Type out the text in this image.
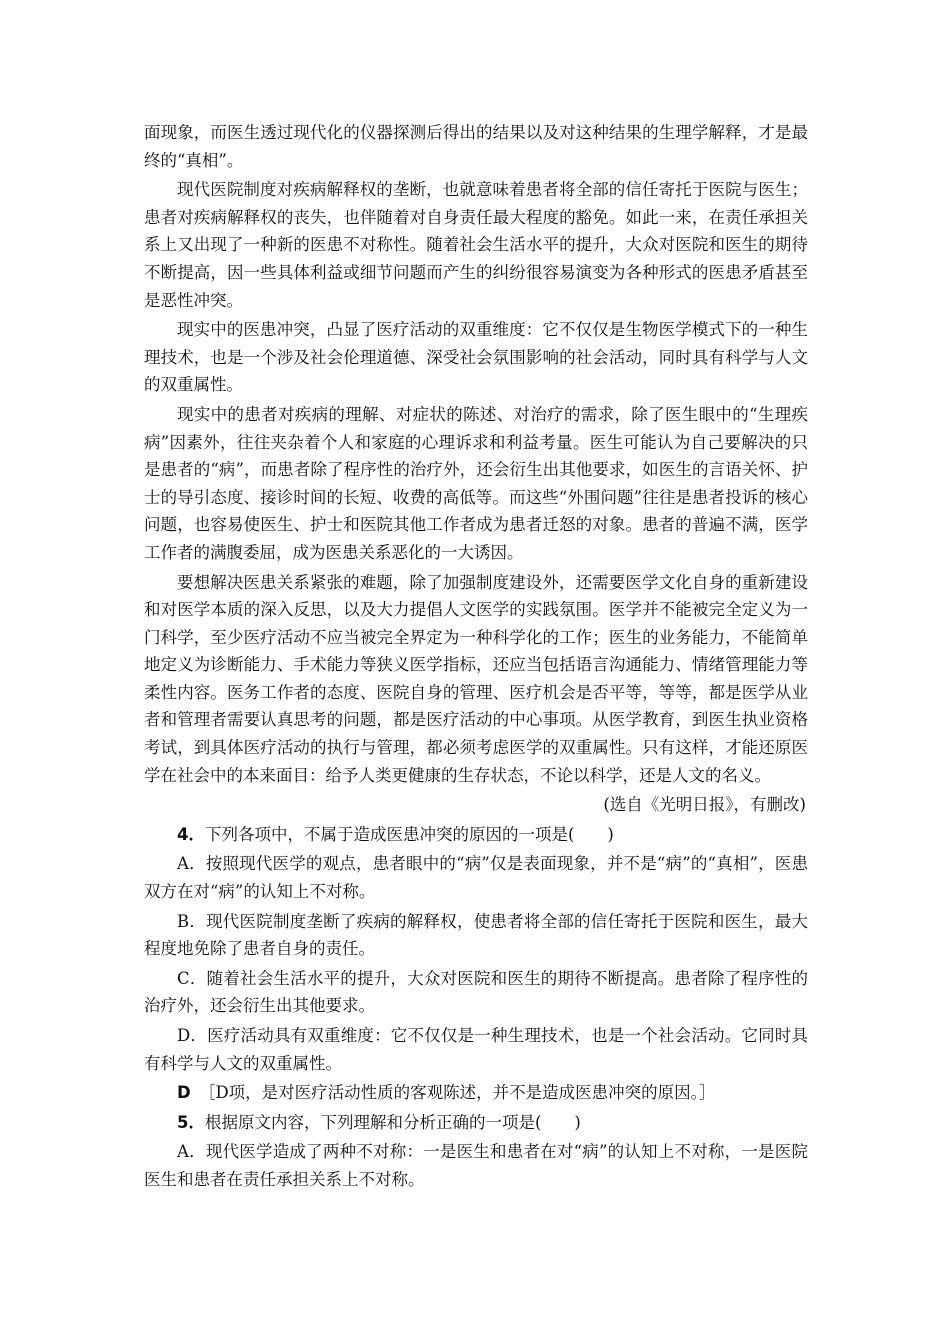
面现象，而医生透过现代化的仪器探测后得出的结果以及对这种结果的生理学解释，才是最终的“真相”。

现代医院制度对疾病解释权的垄断，也就意味着患者将全部的信任寄托于医院与医生；患者对疾病解释权的丧失，也伴随着对自身责任最大程度的豁免。如此一来，在责任承担关系上又出现了一种新的医患不对称性。随着社会生活水平的提升，大众对医院和医生的期待不断提高，因一些具体利益或细节问题而产生的纠纷很容易演变为各种形式的医患矛盾甚至是恶性冲突。

现实中的医患冲突，凸显了医疗活动的双重维度：它不仅仅是生物医学模式下的一种生理技术，也是一个涉及社会伦理道德、深受社会氛围影响的社会活动，同时具有科学与人文的双重属性。

现实中的患者对疾病的理解、对症状的陈述、对治疗的需求，除了医生眼中的“生理疾病”因素外，往往夹杂着个人和家庭的心理诉求和利益考量。医生可能认为自己要解决的只是患者的“病”，而患者除了程序性的治疗外，还会衍生出其他要求，如医生的言语关怀、护士的导引态度、接诊时间的长短、收费的高低等。而这些“外围问题”往往是患者投诉的核心问题，也容易使医生、护士和医院其他工作者成为患者迁怒的对象。患者的普遍不满，医学工作者的满腹委屈，成为医患关系恶化的一大诱因。

要想解决医患关系紧张的难题，除了加强制度建设外，还需要医学文化自身的重新建设和对医学本质的深入反思，以及大力提倡人文医学的实践氛围。医学并不能被完全定义为一门科学，至少医疗活动不应当被完全界定为一种科学化的工作；医生的业务能力，不能简单地定义为诊断能力、手术能力等狭义医学指标，还应当包括语言沟通能力、情绪管理能力等柔性内容。医务工作者的态度、医院自身的管理、医疗机会是否平等，等等，都是医学从业者和管理者需要认真思考的问题，都是医疗活动的中心事项。从医学教育，到医生执业资格考试，到具体医疗活动的执行与管理，都必须考虑医学的双重属性。只有这样，才能还原医学在社会中的本来面目：给予人类更健康的生存状态，不论以科学，还是人文的名义。

(选自《光明日报》，有删改)

4．下列各项中，不属于造成医患冲突的原因的一项是(　　)

A．按照现代医学的观点，患者眼中的“病”仅是表面现象，并不是“病”的“真相”，医患双方在对“病”的认知上不对称。

B．现代医院制度垄断了疾病的解释权，使患者将全部的信任寄托于医院和医生，最大程度地免除了患者自身的责任。

C．随着社会生活水平的提升，大众对医院和医生的期待不断提高。患者除了程序性的治疗外，还会衍生出其他要求。

D．医疗活动具有双重维度：它不仅仅是一种生理技术，也是一个社会活动。它同时具有科学与人文的双重属性。

D　 ［D项，是对医疗活动性质的客观陈述，并不是造成医患冲突的原因。］

5．根据原文内容，下列理解和分析正确的一项是(　　)

A．现代医学造成了两种不对称：一是医生和患者在对“病”的认知上不对称，一是医院医生和患者在责任承担关系上不对称。
